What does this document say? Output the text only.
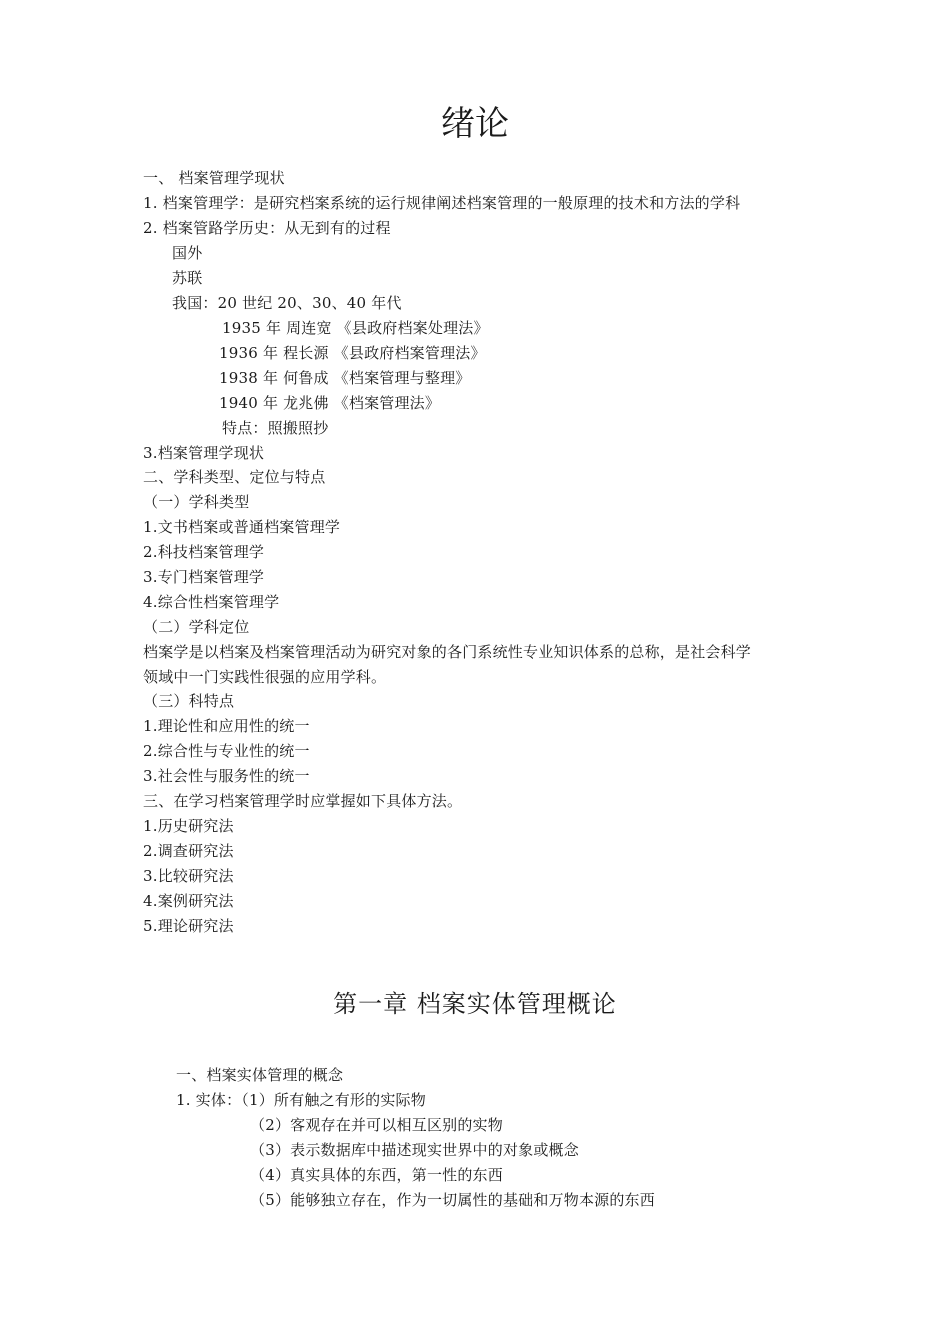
绪论
一、 档案管理学现状
1. 档案管理学：是研究档案系统的运行规律阐述档案管理的一般原理的技术和方法的学科
2. 档案管路学历史：从无到有的过程
国外
苏联
我国：20 世纪 20、30、40 年代
1935 年 周连宽 《县政府档案处理法》
1936 年 程长源 《县政府档案管理法》
1938 年 何鲁成 《档案管理与整理》
1940 年 龙兆佛 《档案管理法》
特点：照搬照抄
3.档案管理学现状
二、学科类型、定位与特点
（一）学科类型
1.文书档案或普通档案管理学
2.科技档案管理学
3.专门档案管理学
4.综合性档案管理学
（二）学科定位
档案学是以档案及档案管理活动为研究对象的各门系统性专业知识体系的总称，是社会科学
领域中一门实践性很强的应用学科。
（三）科特点
1.理论性和应用性的统一
2.综合性与专业性的统一
3.社会性与服务性的统一
三、在学习档案管理学时应掌握如下具体方法。
1.历史研究法
2.调查研究法
3.比较研究法
4.案例研究法
5.理论研究法
第一章 档案实体管理概论
一、档案实体管理的概念
1. 实体：（1）所有触之有形的实际物
（2）客观存在并可以相互区别的实物
（3）表示数据库中描述现实世界中的对象或概念
（4）真实具体的东西，第一性的东西
（5）能够独立存在，作为一切属性的基础和万物本源的东西
